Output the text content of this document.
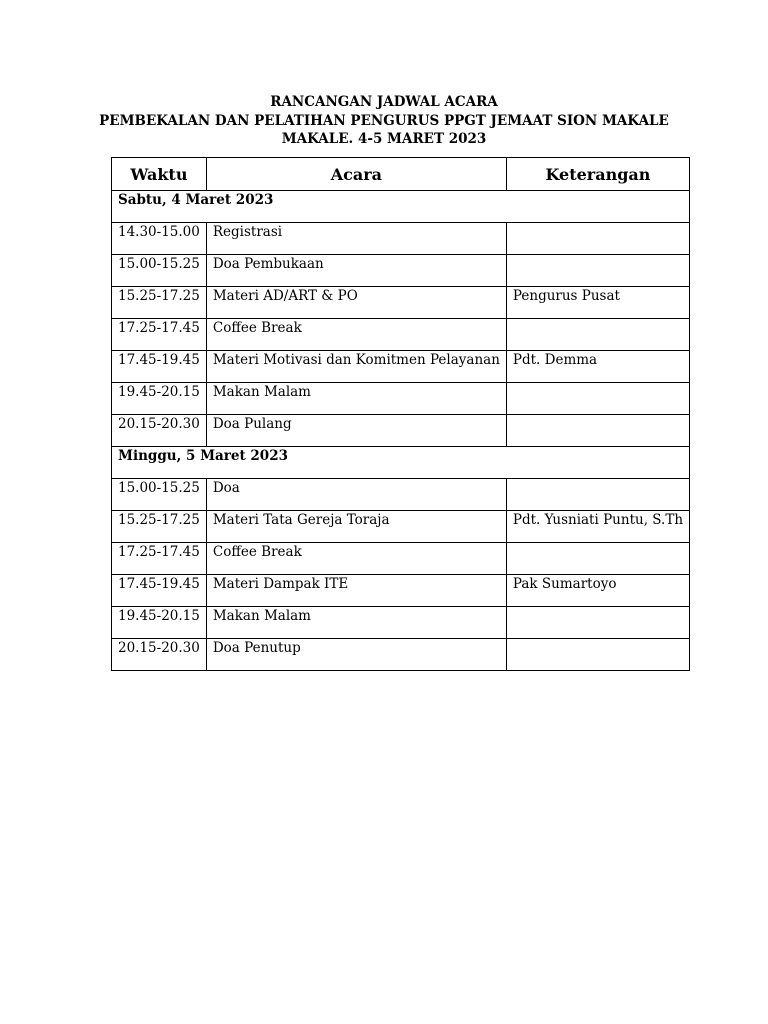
RANCANGAN JADWAL ACARA
PEMBEKALAN DAN PELATIHAN PENGURUS PPGT JEMAAT SION MAKALE
MAKALE. 4-5 MARET 2023
Waktu	Acara	Keterangan
Sabtu, 4 Maret 2023		
14.30-15.00	Registrasi	
15.00-15.25	Doa Pembukaan	
15.25-17.25	Materi AD/ART & PO	Pengurus Pusat
17.25-17.45	Coffee Break	
17.45-19.45	Materi Motivasi dan Komitmen Pelayanan	Pdt. Demma
19.45-20.15	Makan Malam	
20.15-20.30	Doa Pulang	
Minggu, 5 Maret 2023		
15.00-15.25	Doa	
15.25-17.25	Materi Tata Gereja Toraja	Pdt. Yusniati Puntu, S.Th
17.25-17.45	Coffee Break	
17.45-19.45	Materi Dampak ITE	Pak Sumartoyo
19.45-20.15	Makan Malam	
20.15-20.30	Doa Penutup	
